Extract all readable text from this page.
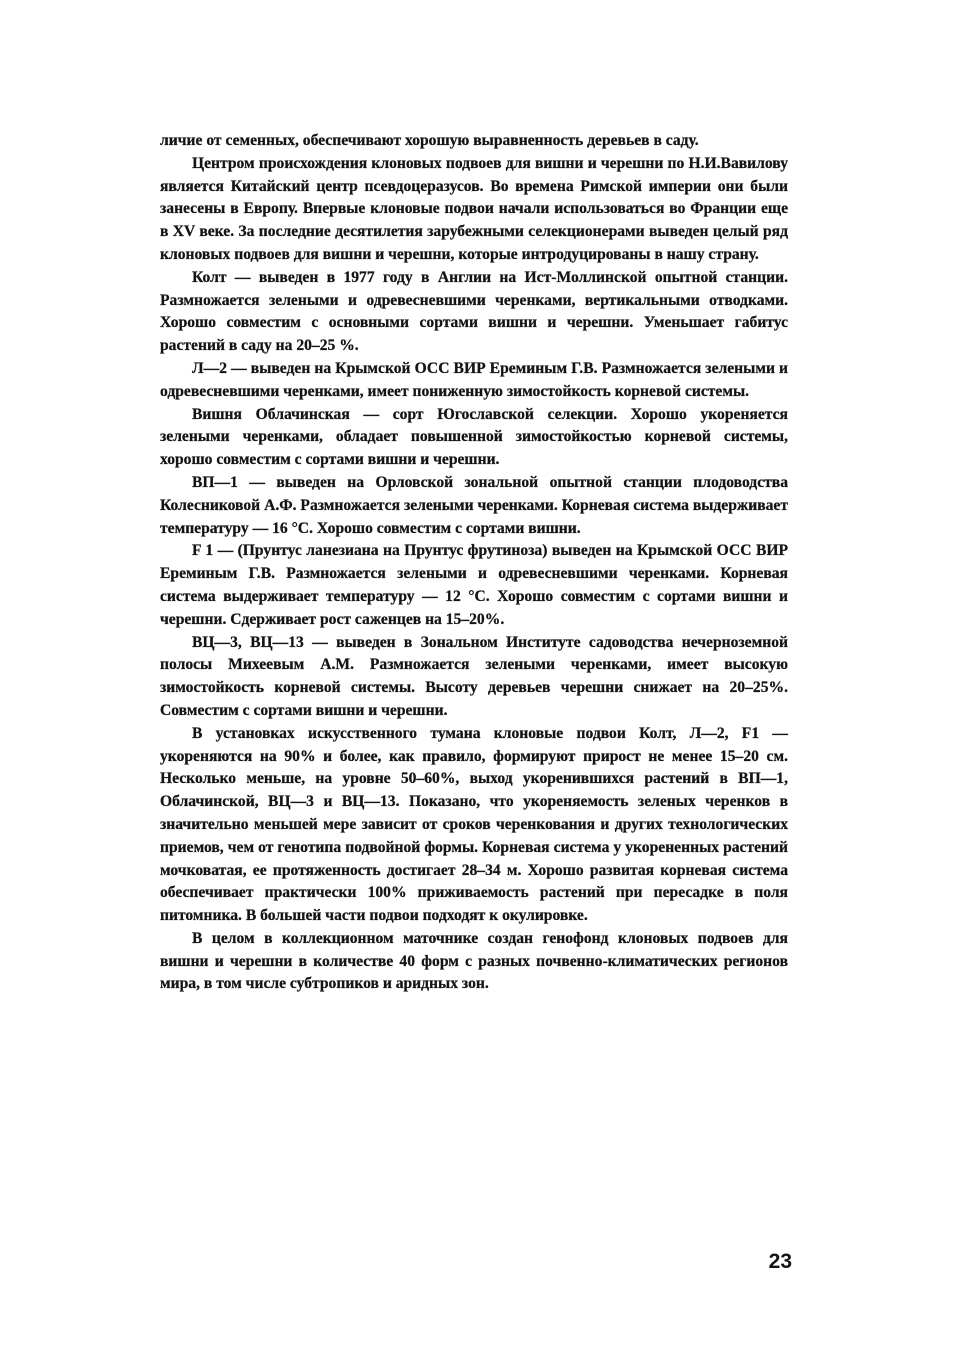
личие от семенных, обеспечивают хорошую выравненность деревьев в саду.

Центром происхождения клоновых подвоев для вишни и черешни по Н.И.Вавилову является Китайский центр псевдоцеразусов. Во времена Римской империи они были занесены в Европу. Впервые клоновые подвои начали использоваться во Франции еще в XV веке. За последние десятилетия зарубежными селекционерами выведен целый ряд клоновых подвоев для вишни и черешни, которые интродуцированы в нашу страну.

Колт — выведен в 1977 году в Англии на Ист-Моллинской опытной станции. Размножается зелеными и одревесневшими черенками, вертикальными отводками. Хорошо совместим с основными сортами вишни и черешни. Уменьшает габитус растений в саду на 20–25 %.

Л—2 — выведен на Крымской ОСС ВИР Ереминым Г.В. Размножается зелеными и одревесневшими черенками, имеет пониженную зимостойкость корневой системы.

Вишня Облачинская — сорт Югославской селекции. Хорошо укореняется зелеными черенками, обладает повышенной зимостойкостью корневой системы, хорошо совместим с сортами вишни и черешни.

ВП—1 — выведен на Орловской зональной опытной станции плодоводства Колесниковой А.Ф. Размножается зелеными черенками. Корневая система выдерживает температуру — 16 °С. Хорошо совместим с сортами вишни.

F 1 — (Прунтус ланезиана на Прунтус фрутиноза) выведен на Крымской ОСС ВИР Ереминым Г.В. Размножается зелеными и одревесневшими черенками. Корневая система выдерживает температуру — 12 °С. Хорошо совместим с сортами вишни и черешни. Сдерживает рост саженцев на 15–20%.

ВЦ—3, ВЦ—13 — выведен в Зональном Институте садоводства нечерноземной полосы Михеевым А.М. Размножается зелеными черенками, имеет высокую зимостойкость корневой системы. Высоту деревьев черешни снижает на 20–25%. Совместим с сортами вишни и черешни.

В установках искусственного тумана клоновые подвои Колт, Л—2, F1 — укореняются на 90% и более, как правило, формируют прирост не менее 15–20 см. Несколько меньше, на уровне 50–60%, выход укоренившихся растений в ВП—1, Облачинской, ВЦ—3 и ВЦ—13. Показано, что укореняемость зеленых черенков в значительно меньшей мере зависит от сроков черенкования и других технологических приемов, чем от генотипа подвойной формы. Корневая система у укорененных растений мочковатая, ее протяженность достигает 28–34 м. Хорошо развитая корневая система обеспечивает практически 100% приживаемость растений при пересадке в поля питомника. В большей части подвои подходят к окулировке.

В целом в коллекционном маточнике создан генофонд клоновых подвоев для вишни и черешни в количестве 40 форм с разных почвенно-климатических регионов мира, в том числе субтропиков и аридных зон.

23
